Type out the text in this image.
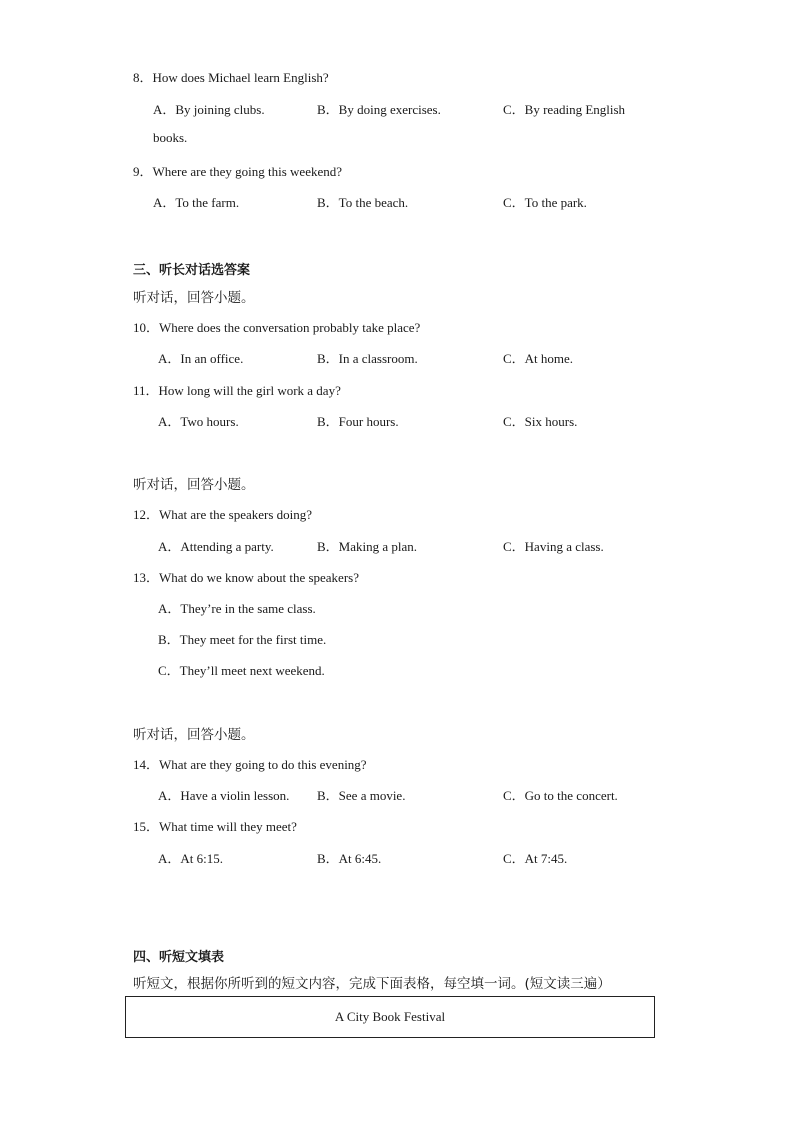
8．How does Michael learn English?
A．By joining clubs.	B．By doing exercises.	C．By reading English
books.
9．Where are they going this weekend?
A．To the farm.	B．To the beach.	C．To the park.
三、听长对话选答案
听对话，回答小题。
10．Where does the conversation probably take place?
A．In an office.	B．In a classroom.	C．At home.
11．How long will the girl work a day?
A．Two hours.	B．Four hours.	C．Six hours.
听对话，回答小题。
12．What are the speakers doing?
A．Attending a party.	B．Making a plan.	C．Having a class.
13．What do we know about the speakers?
A．They’re in the same class.
B．They meet for the first time.
C．They’ll meet next weekend.
听对话，回答小题。
14．What are they going to do this evening?
A．Have a violin lesson. B．See a movie.	C．Go to the concert.
15．What time will they meet?
A．At 6:15.	B．At 6:45.	C．At 7:45.
四、听短文填表
听短文，根据你所听到的短文内容，完成下面表格，每空填一词。(短文读三遍）
A City Book Festival
